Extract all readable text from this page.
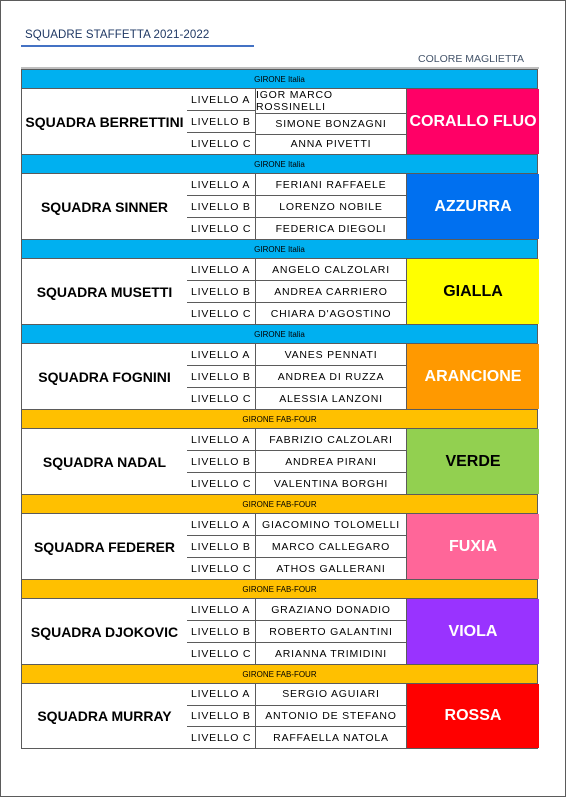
SQUADRE STAFFETTA 2021-2022
COLORE MAGLIETTA
GIRONE Italia
SQUADRA BERRETTINI
LIVELLO A
LIVELLO B
LIVELLO C
IGOR MARCO ROSSINELLI
SIMONE BONZAGNI
ANNA PIVETTI
CORALLO FLUO
GIRONE Italia
SQUADRA SINNER
LIVELLO A
LIVELLO B
LIVELLO C
FERIANI RAFFAELE
LORENZO NOBILE
FEDERICA DIEGOLI
AZZURRA
GIRONE Italia
SQUADRA MUSETTI
LIVELLO A
LIVELLO B
LIVELLO C
ANGELO CALZOLARI
ANDREA CARRIERO
CHIARA D'AGOSTINO
GIALLA
GIRONE Italia
SQUADRA FOGNINI
LIVELLO A
LIVELLO B
LIVELLO C
VANES PENNATI
ANDREA DI RUZZA
ALESSIA LANZONI
ARANCIONE
GIRONE FAB-FOUR
SQUADRA NADAL
LIVELLO A
LIVELLO B
LIVELLO C
FABRIZIO CALZOLARI
ANDREA PIRANI
VALENTINA BORGHI
VERDE
GIRONE FAB-FOUR
SQUADRA FEDERER
LIVELLO A
LIVELLO B
LIVELLO C
GIACOMINO TOLOMELLI
MARCO CALLEGARO
ATHOS GALLERANI
FUXIA
GIRONE FAB-FOUR
SQUADRA DJOKOVIC
LIVELLO A
LIVELLO B
LIVELLO C
GRAZIANO DONADIO
ROBERTO GALANTINI
ARIANNA TRIMIDINI
VIOLA
GIRONE FAB-FOUR
SQUADRA MURRAY
LIVELLO A
LIVELLO B
LIVELLO C
SERGIO AGUIARI
ANTONIO DE STEFANO
RAFFAELLA NATOLA
ROSSA
